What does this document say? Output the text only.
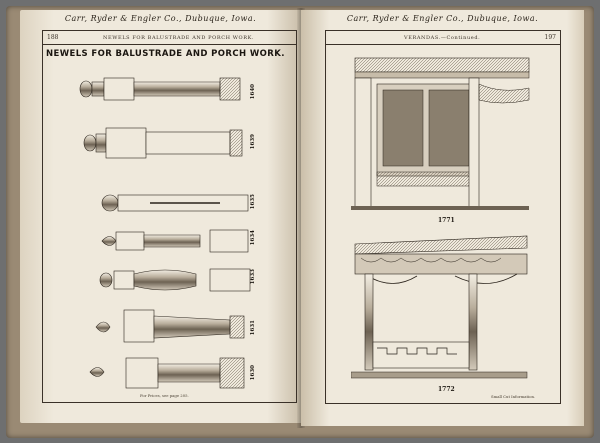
Carr, Ryder & Engler Co., Dubuque, Iowa.
188	NEWELS FOR BALUSTRADE AND PORCH WORK.
NEWELS FOR BALUSTRADE AND PORCH WORK.
1640
1639
1635
1634
1633
1631
1630
For Prices, see page 205.
Carr, Ryder & Engler Co., Dubuque, Iowa.
VERANDAS.—Continued.	197
1771
1772
Small Cut Information.
